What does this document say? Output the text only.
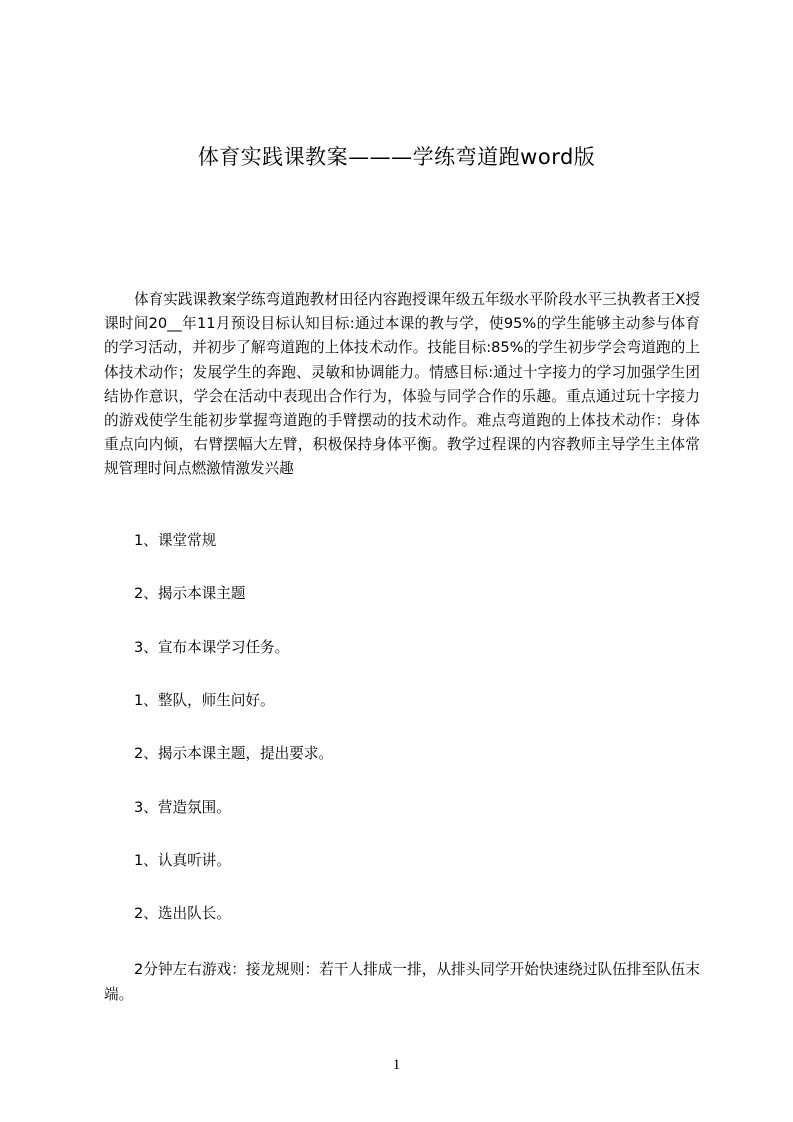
体育实践课教案———学练弯道跑word版

体育实践课教案学练弯道跑教材田径内容跑授课年级五年级水平阶段水平三执教者王X授课时间20__年11月预设目标认知目标:通过本课的教与学，使95%的学生能够主动参与体育的学习活动，并初步了解弯道跑的上体技术动作。技能目标:85%的学生初步学会弯道跑的上体技术动作；发展学生的奔跑、灵敏和协调能力。情感目标:通过十字接力的学习加强学生团结协作意识，学会在活动中表现出合作行为，体验与同学合作的乐趣。重点通过玩十字接力的游戏使学生能初步掌握弯道跑的手臂摆动的技术动作。难点弯道跑的上体技术动作：身体重点向内倾，右臂摆幅大左臂，积极保持身体平衡。教学过程课的内容教师主导学生主体常规管理时间点燃激情激发兴趣

1、课堂常规

2、揭示本课主题

3、宣布本课学习任务。

1、整队，师生问好。

2、揭示本课主题，提出要求。

3、营造氛围。

1、认真听讲。

2、选出队长。

2分钟左右游戏：接龙规则：若干人排成一排，从排头同学开始快速绕过队伍排至队伍末端。

1
